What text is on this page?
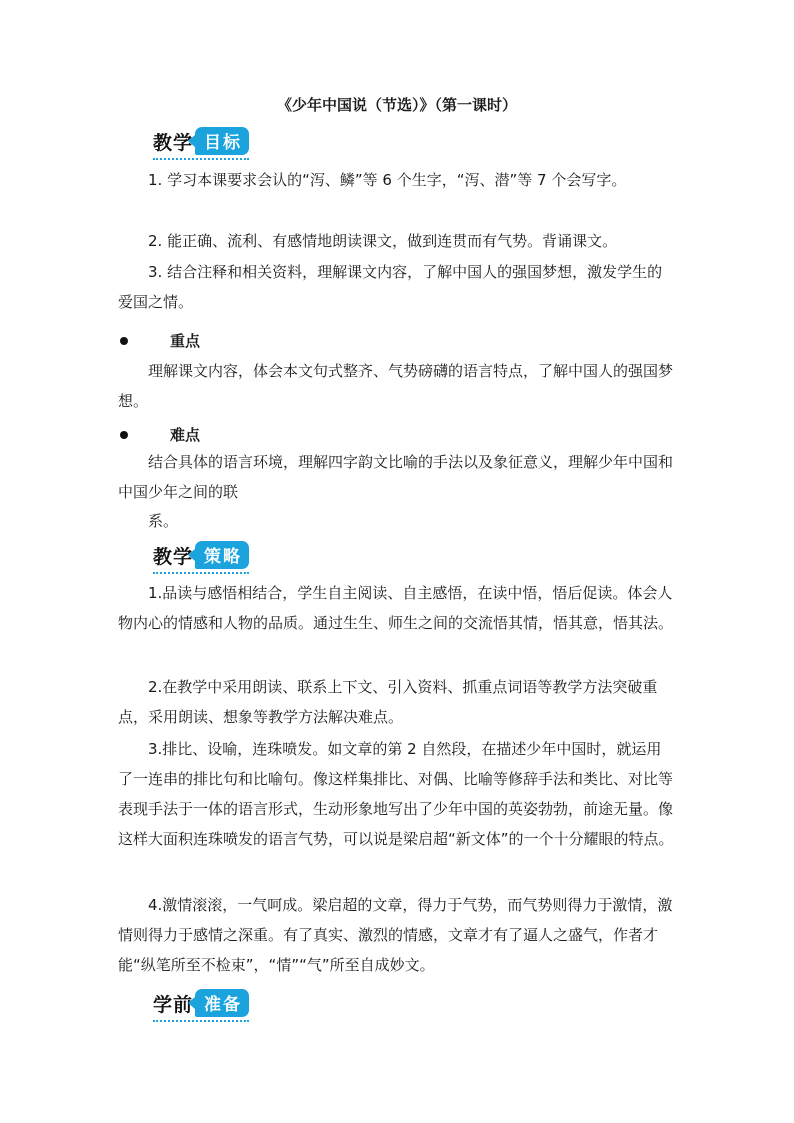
《少年中国说（节选）》（第一课时）
教学 目标

1. 学习本课要求会认的“泻、鳞”等 6 个生字，“泻、潜”等 7 个会写字。

2. 能正确、流利、有感情地朗读课文，做到连贯而有气势。背诵课文。

3. 结合注释和相关资料，理解课文内容，了解中国人的强国梦想，激发学生的爱国之情。

重点

理解课文内容，体会本文句式整齐、气势磅礴的语言特点，了解中国人的强国梦想。

难点

结合具体的语言环境，理解四字韵文比喻的手法以及象征意义，理解少年中国和中国少年之间的联

系。

教学 策略

1.品读与感悟相结合，学生自主阅读、自主感悟，在读中悟，悟后促读。体会人物内心的情感和人物的品质。通过生生、师生之间的交流悟其情，悟其意，悟其法。

2.在教学中采用朗读、联系上下文、引入资料、抓重点词语等教学方法突破重点，采用朗读、想象等教学方法解决难点。

3.排比、设喻，连珠喷发。如文章的第 2 自然段，在描述少年中国时，就运用了一连串的排比句和比喻句。像这样集排比、对偶、比喻等修辞手法和类比、对比等表现手法于一体的语言形式，生动形象地写出了少年中国的英姿勃勃，前途无量。像这样大面积连珠喷发的语言气势，可以说是梁启超“新文体”的一个十分耀眼的特点。

4.激情滚滚，一气呵成。梁启超的文章，得力于气势，而气势则得力于激情，激情则得力于感情之深重。有了真实、激烈的情感，文章才有了逼人之盛气，作者才能“纵笔所至不检束”，“情”“气”所至自成妙文。

学前 准备
